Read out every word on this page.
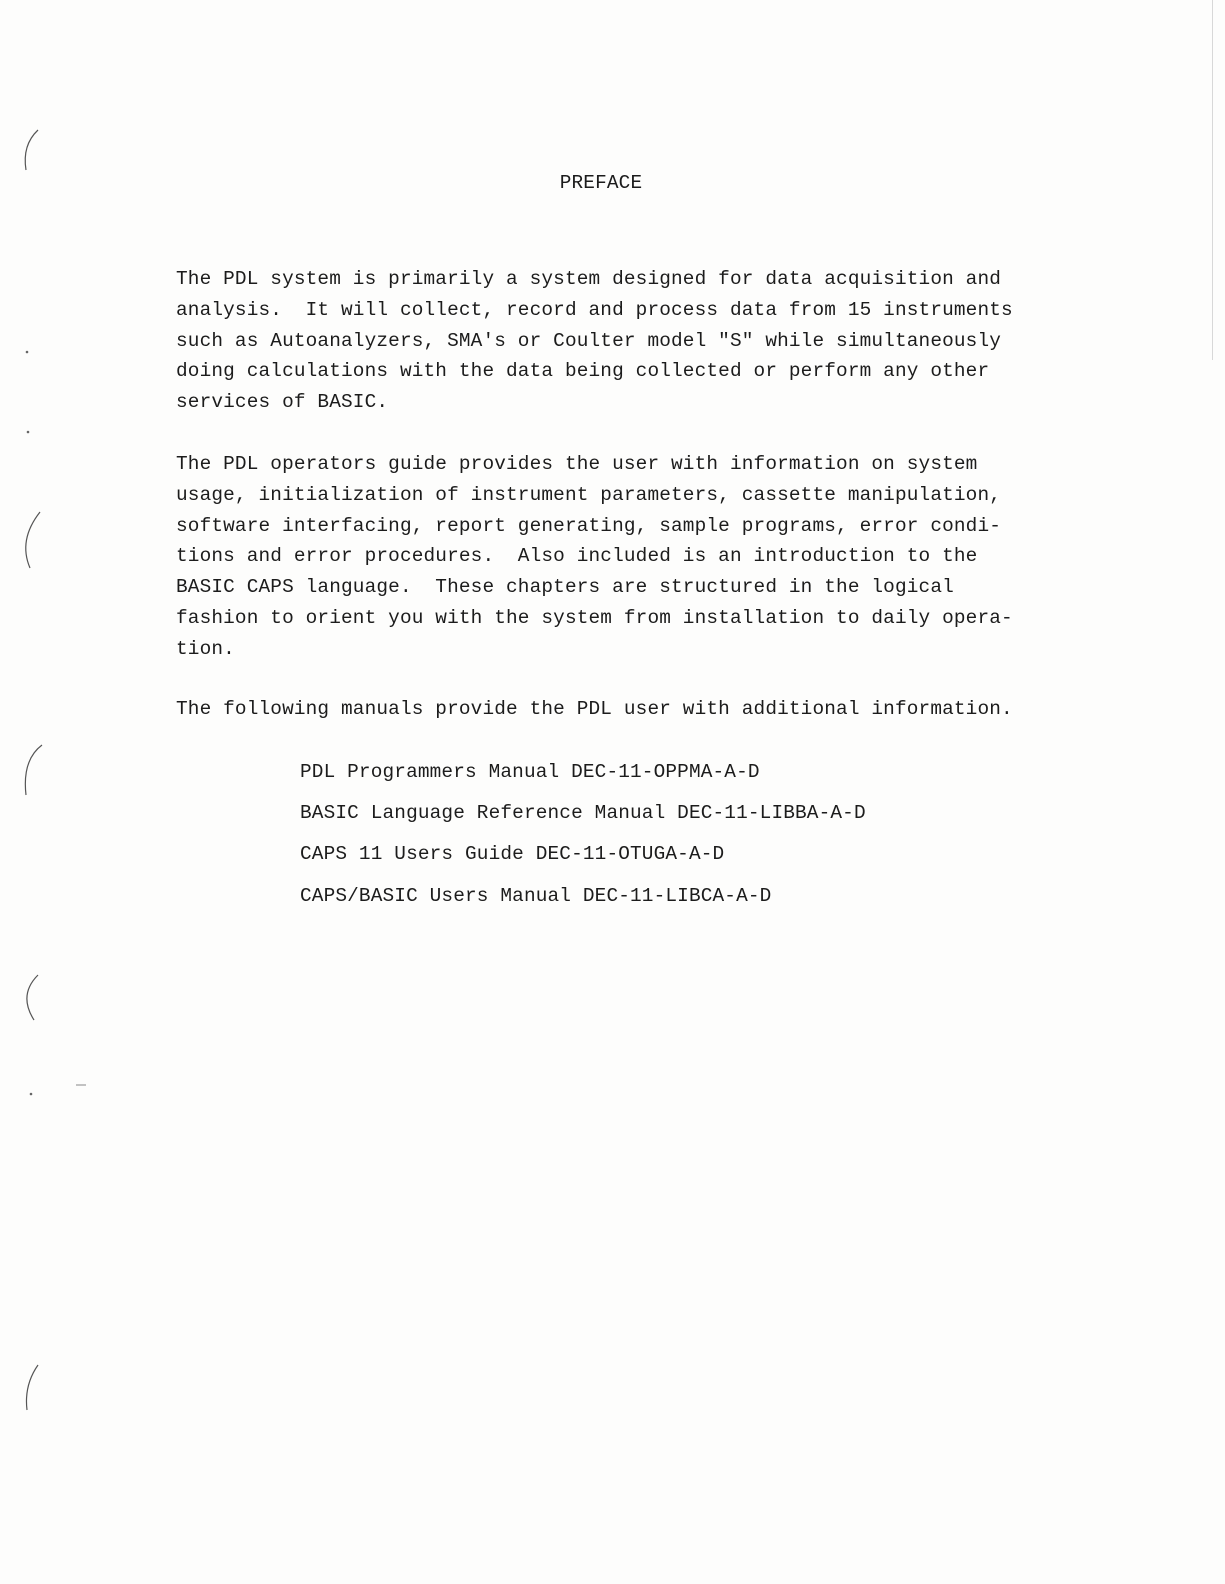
PREFACE
The PDL system is primarily a system designed for data acquisition and
analysis.  It will collect, record and process data from 15 instruments
such as Autoanalyzers, SMA's or Coulter model "S" while simultaneously
doing calculations with the data being collected or perform any other
services of BASIC.
The PDL operators guide provides the user with information on system
usage, initialization of instrument parameters, cassette manipulation,
software interfacing, report generating, sample programs, error condi-
tions and error procedures.  Also included is an introduction to the
BASIC CAPS language.  These chapters are structured in the logical
fashion to orient you with the system from installation to daily opera-
tion.
The following manuals provide the PDL user with additional information.
PDL Programmers Manual DEC-11-OPPMA-A-D
BASIC Language Reference Manual DEC-11-LIBBA-A-D
CAPS 11 Users Guide DEC-11-OTUGA-A-D
CAPS/BASIC Users Manual DEC-11-LIBCA-A-D
